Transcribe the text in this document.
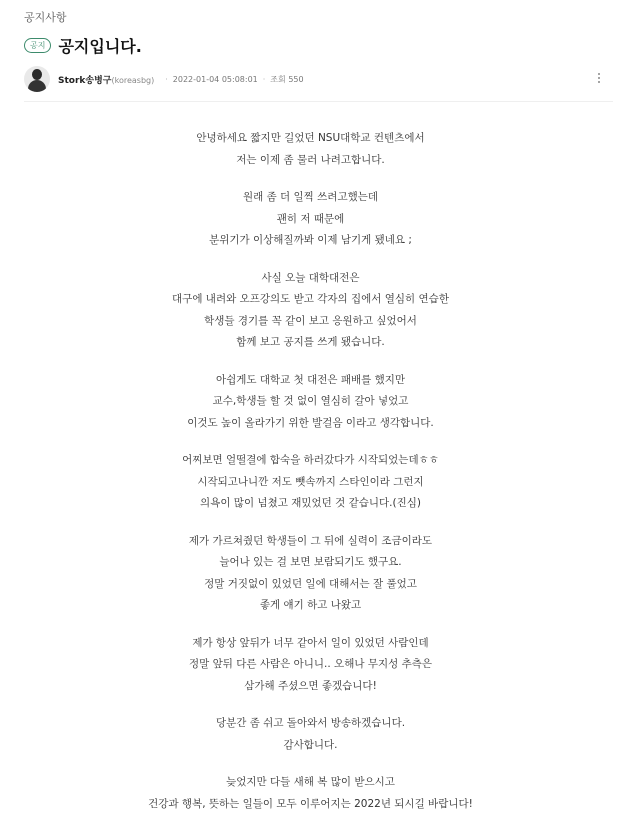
공지사항
공지 공지입니다.
Stork송병구(koreasbg)	· 2022-01-04 05:08:01 · 조회 550
안녕하세요 짧지만 길었던 NSU대학교 컨텐츠에서
저는 이제 좀 물러 나려고합니다.
원래 좀 더 일찍 쓰려고했는데
괜히 저 때문에
분위기가 이상해질까봐 이제 남기게 됐네요 ;
사실 오늘 대학대전은
대구에 내려와 오프강의도 받고 각자의 집에서 열심히 연습한
학생들 경기를 꼭 같이 보고 응원하고 싶었어서
함께 보고 공지를 쓰게 됐습니다.
아쉽게도 대학교 첫 대전은 패배를 했지만
교수,학생들 할 것 없이 열심히 갈아 넣었고
이것도 높이 올라가기 위한 발걸음 이라고 생각합니다.
어찌보면 얼떨결에 합숙을 하러갔다가 시작되었는데ㅎㅎ
시작되고나니깐 저도 뺏속까지 스타인이라 그런지
의욕이 많이 넘쳤고 재밌었던 것 같습니다.(진심)
제가 가르쳐줬던 학생들이 그 뒤에 실력이 조금이라도
늘어나 있는 걸 보면 보람되기도 했구요.
정말 거짓없이 있었던 일에 대해서는 잘 풀었고
좋게 얘기 하고 나왔고
제가 항상 앞뒤가 너무 같아서 일이 있었던 사람인데
정말 앞뒤 다른 사람은 아니니.. 오해나 무지성 추측은
삼가해 주셨으면 좋겠습니다!
당분간 좀 쉬고 돌아와서 방송하겠습니다.
감사합니다.
늦었지만 다들 새해 복 많이 받으시고
건강과 행복, 뜻하는 일들이 모두 이루어지는 2022년 되시길 바랍니다!
